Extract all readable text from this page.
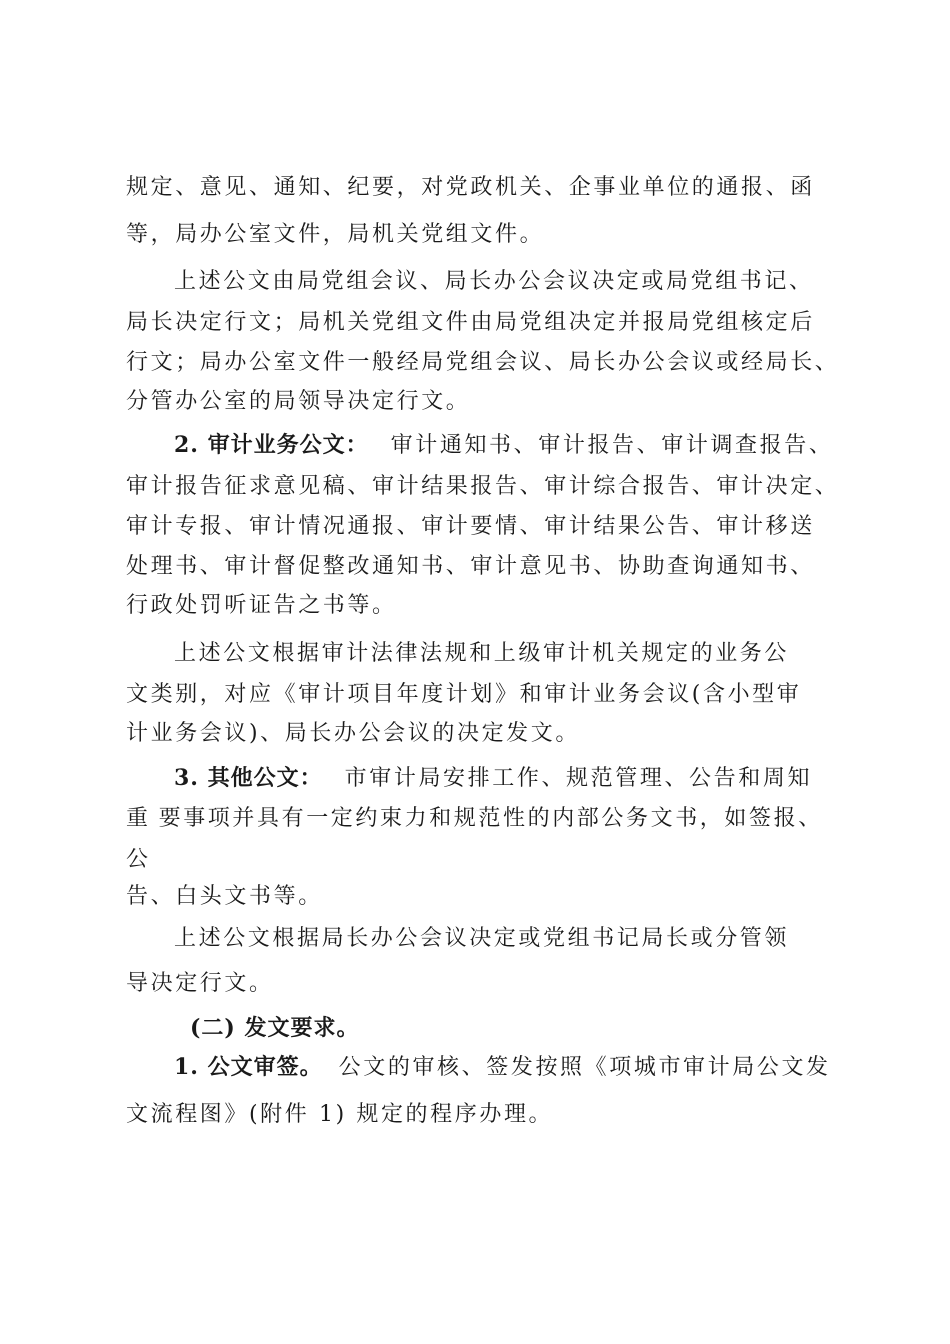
规定、意见、通知、纪要，对党政机关、企事业单位的通报、函
等，局办公室文件，局机关党组文件。
上述公文由局党组会议、局长办公会议决定或局党组书记、
局长决定行文；局机关党组文件由局党组决定并报局党组核定后
行文；局办公室文件一般经局党组会议、局长办公会议或经局长、
分管办公室的局领导决定行文。
2. 审计业务公文： 审计通知书、审计报告、审计调查报告、
审计报告征求意见稿、审计结果报告、审计综合报告、审计决定、
审计专报、审计情况通报、审计要情、审计结果公告、审计移送
处理书、审计督促整改通知书、审计意见书、协助查询通知书、
行政处罚听证告之书等。
上述公文根据审计法律法规和上级审计机关规定的业务公
文类别，对应《审计项目年度计划》和审计业务会议(含小型审
计业务会议)、局长办公会议的决定发文。
3. 其他公文： 市审计局安排工作、规范管理、公告和周知
重 要事项并具有一定约束力和规范性的内部公务文书，如签报、
公
告、白头文书等。
上述公文根据局长办公会议决定或党组书记局长或分管领
导决定行文。
(二) 发文要求。
1. 公文审签。 公文的审核、签发按照《项城市审计局公文发
文流程图》(附件 1) 规定的程序办理。
